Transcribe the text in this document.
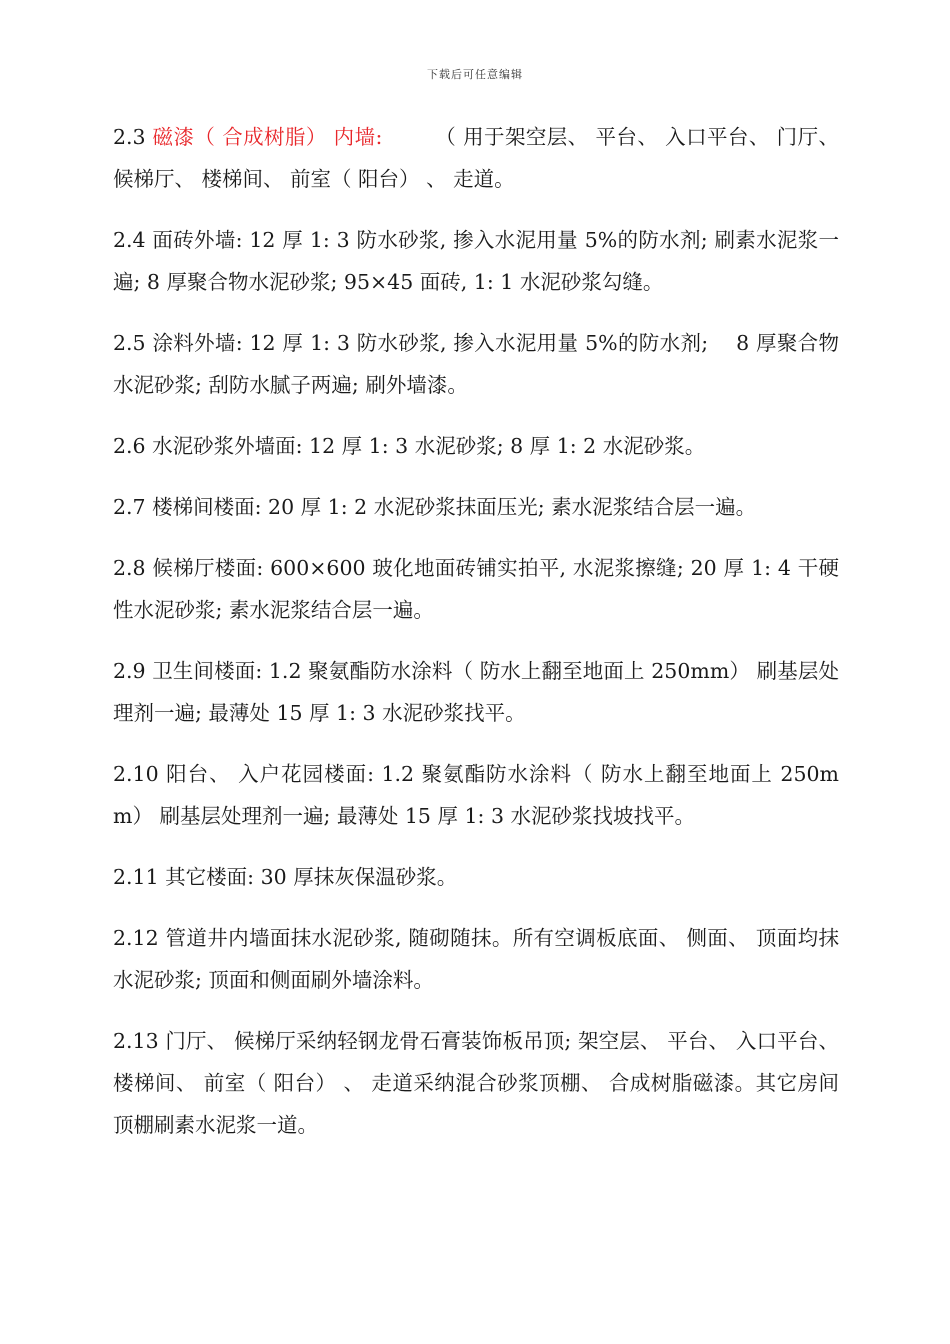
下载后可任意编辑

2.3 磁漆（ 合成树脂） 内墙:　　　（ 用于架空层、 平台、 入口平台、 门厅、 候梯厅、 楼梯间、 前室（ 阳台） 、 走道。

2.4 面砖外墙: 12 厚 1: 3 防水砂浆, 掺入水泥用量 5%的防水剂; 刷素水泥浆一遍; 8 厚聚合物水泥砂浆; 95×45 面砖, 1: 1 水泥砂浆勾缝。

2.5 涂料外墙: 12 厚 1: 3 防水砂浆, 掺入水泥用量 5%的防水剂;　 8 厚聚合物水泥砂浆; 刮防水腻子两遍; 刷外墙漆。

2.6 水泥砂浆外墙面: 12 厚 1: 3 水泥砂浆; 8 厚 1: 2 水泥砂浆。

2.7 楼梯间楼面: 20 厚 1: 2 水泥砂浆抹面压光; 素水泥浆结合层一遍。

2.8 候梯厅楼面: 600×600 玻化地面砖铺实拍平, 水泥浆擦缝; 20 厚 1: 4 干硬性水泥砂浆; 素水泥浆结合层一遍。

2.9 卫生间楼面: 1.2 聚氨酯防水涂料（ 防水上翻至地面上 250mm） 刷基层处理剂一遍; 最薄处 15 厚 1: 3 水泥砂浆找平。

2.10 阳台、 入户花园楼面: 1.2 聚氨酯防水涂料（ 防水上翻至地面上 250mm） 刷基层处理剂一遍; 最薄处 15 厚 1: 3 水泥砂浆找坡找平。

2.11 其它楼面: 30 厚抹灰保温砂浆。

2.12 管道井内墙面抹水泥砂浆, 随砌随抹。所有空调板底面、 侧面、 顶面均抹水泥砂浆; 顶面和侧面刷外墙涂料。

2.13 门厅、 候梯厅采纳轻钢龙骨石膏装饰板吊顶; 架空层、 平台、 入口平台、 楼梯间、 前室（ 阳台） 、 走道采纳混合砂浆顶棚、 合成树脂磁漆。其它房间顶棚刷素水泥浆一道。
